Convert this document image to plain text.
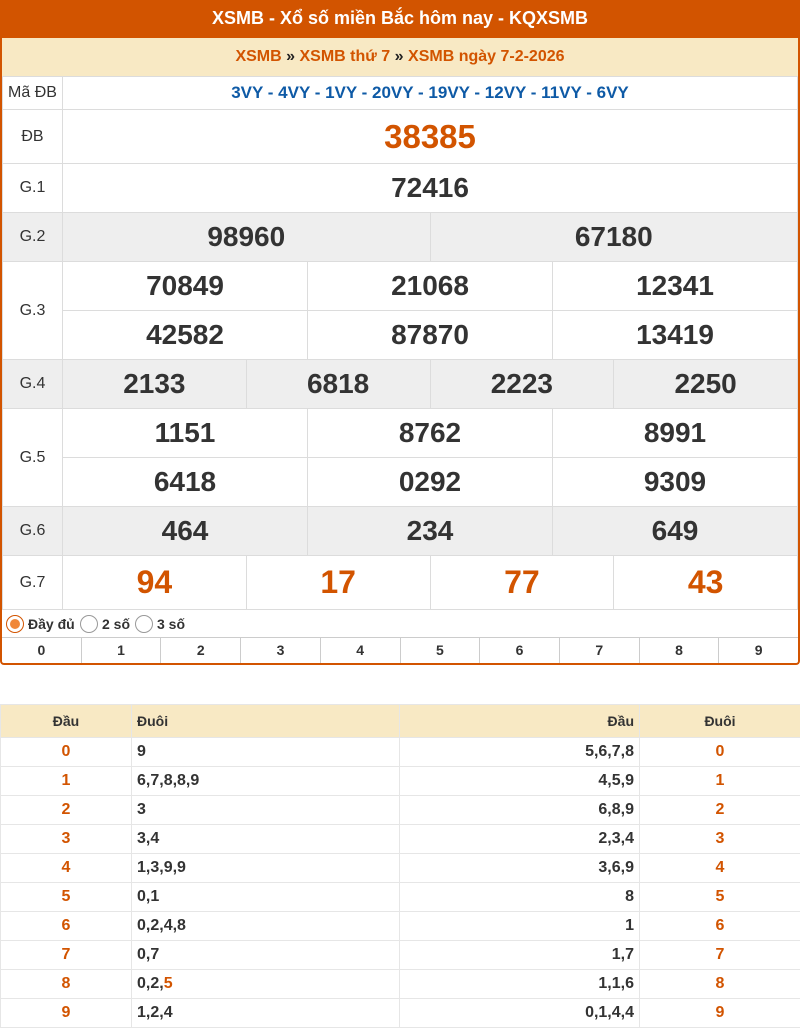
XSMB - Xổ số miền Bắc hôm nay - KQXSMB
XSMB » XSMB thứ 7 » XSMB ngày 7-2-2026
Mã ĐB	3VY - 4VY - 1VY - 20VY - 19VY - 12VY - 11VY - 6VY					
ĐB	38385					
G.1	72416					
G.2	98960			67180		
G.3	70849		21068		12341	
	42582		87870		13419	
G.4	2133	6818		2223		2250
G.5	1151		8762		8991	
	6418		0292		9309	
G.6	464		234		649	
G.7	94	17		77		43
Đầy đủ 2 số 3 số
0	1	2	3	4	5	6	7	8	9
Đầu	Đuôi	Đầu	Đuôi
0	9	5,6,7,8	0
1	6,7,8,8,9	4,5,9	1
2	3	6,8,9	2
3	3,4	2,3,4	3
4	1,3,9,9	3,6,9	4
5	0,1	8	5
6	0,2,4,8	1	6
7	0,7	1,7	7
8	0,2,5	1,1,6	8
9	1,2,4	0,1,4,4	9
